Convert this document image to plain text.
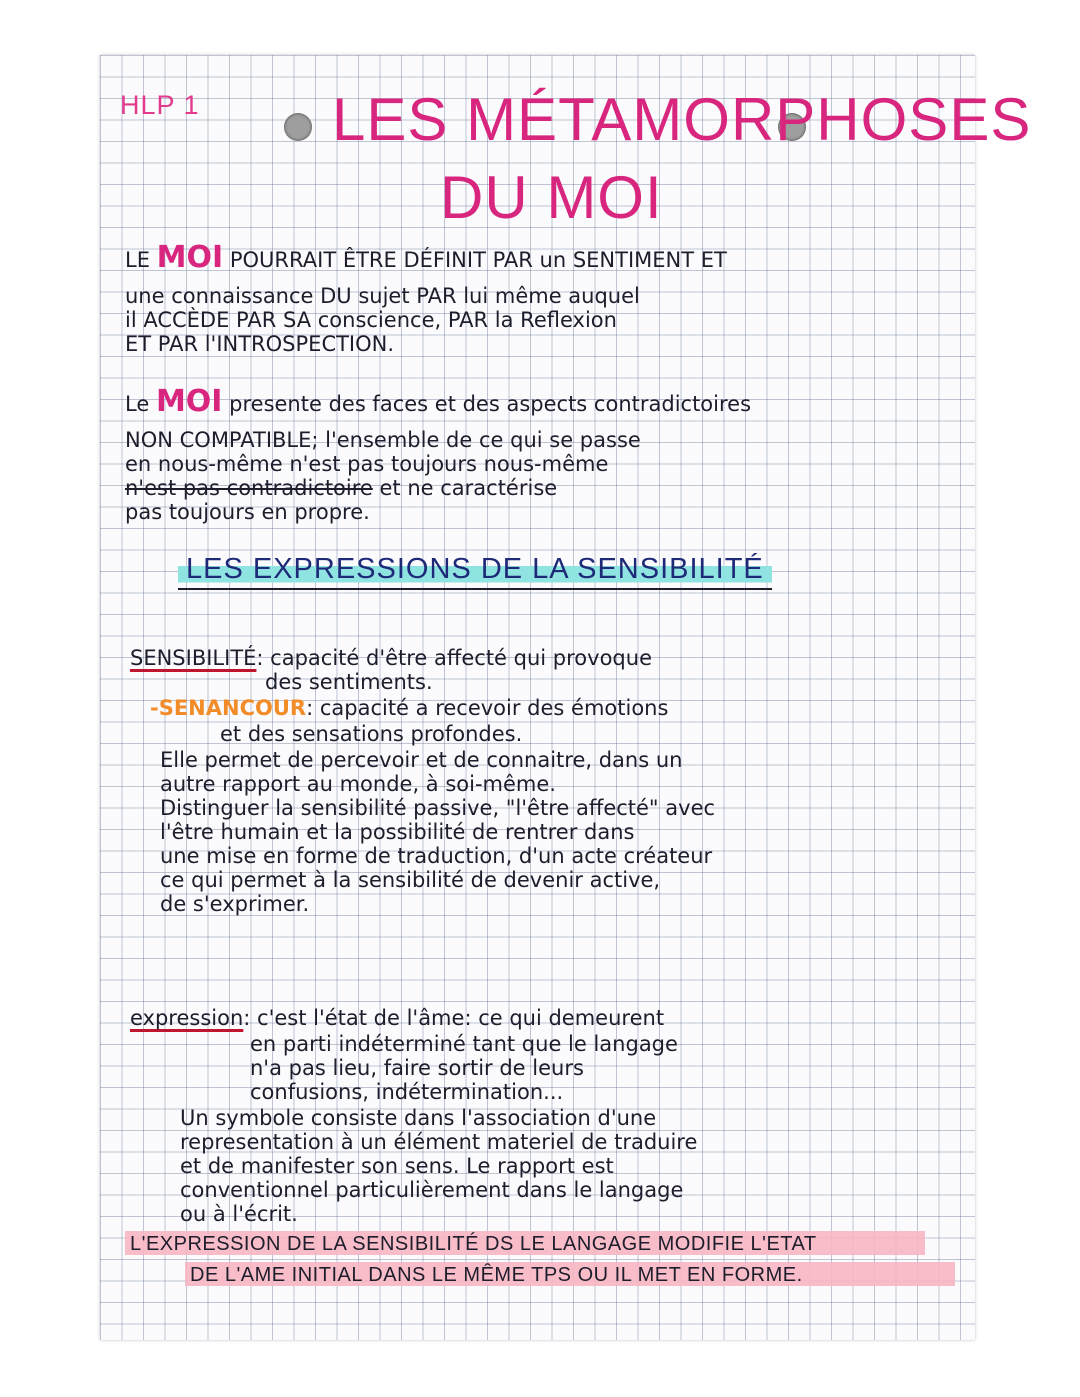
HLP 1 LES MÉTAMORPHOSES
DU MOI
LE MOI POURRAIT ÊTRE DÉFINIT PAR un SENTIMENT ET
une connaissance DU sujet PAR lui même auquel
il ACCÈDE PAR SA conscience, PAR la Reflexion
ET PAR l'INTROSPECTION.
Le MOI presente des faces et des aspects contradictoires
NON COMPATIBLE; l'ensemble de ce qui se passe
en nous-même n'est pas toujours nous-même
n'est pas contradictoire et ne caractérise
pas toujours en propre.
LES EXPRESSIONS DE LA SENSIBILITÉ
SENSIBILITÉ: capacité d'être affecté qui provoque
des sentiments.
-SENANCOUR: capacité a recevoir des émotions
et des sensations profondes.
Elle permet de percevoir et de connaitre, dans un
autre rapport au monde, à soi-même.
Distinguer la sensibilité passive, "l'être affecté" avec
l'être humain et la possibilité de rentrer dans
une mise en forme de traduction, d'un acte créateur
ce qui permet à la sensibilité de devenir active,
de s'exprimer.
expression: c'est l'état de l'âme: ce qui demeurent
en parti indéterminé tant que le langage
n'a pas lieu, faire sortir de leurs
confusions, indétermination...
Un symbole consiste dans l'association d'une
representation à un élément materiel de traduire
et de manifester son sens. Le rapport est
conventionnel particulièrement dans le langage
ou à l'écrit.
L'EXPRESSION DE LA SENSIBILITÉ DS LE LANGAGE MODIFIE L'ETAT
DE L'AME INITIAL DANS LE MÊME TPS OU IL MET EN FORME.
